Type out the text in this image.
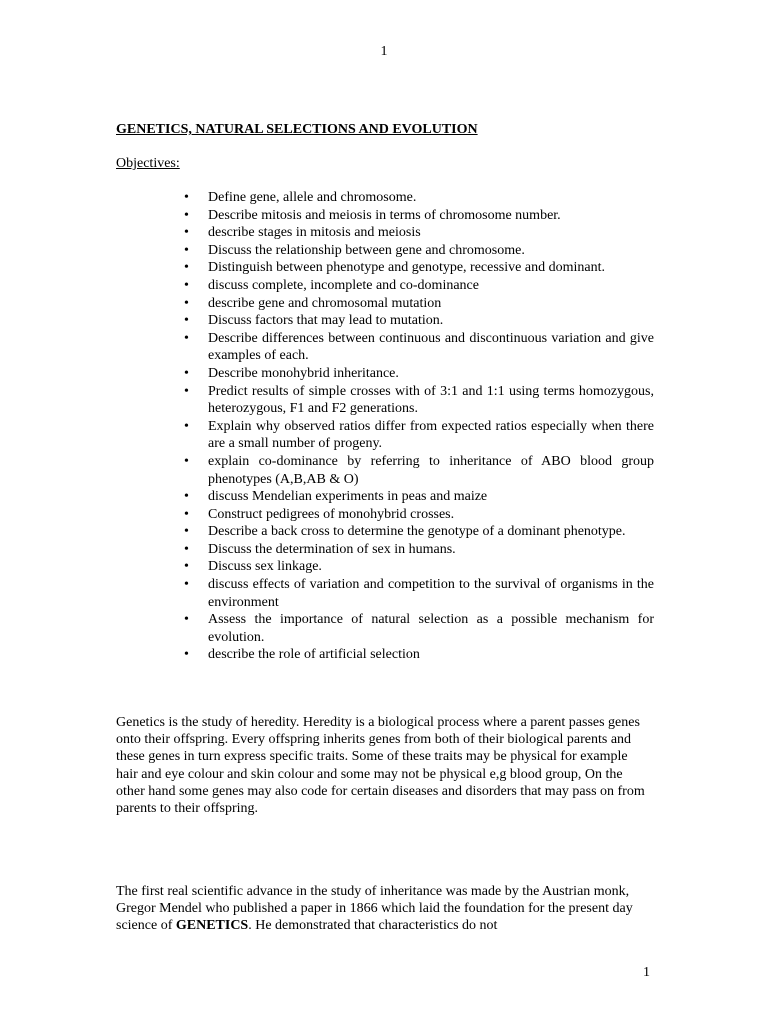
1
GENETICS, NATURAL SELECTIONS AND EVOLUTION
Objectives:
•	Define gene, allele and chromosome.
•	Describe mitosis and meiosis in terms of chromosome number.
•	describe stages in mitosis and meiosis
•	Discuss the relationship between gene and chromosome.
•	Distinguish between phenotype and genotype, recessive and dominant.
•	discuss complete, incomplete and co-dominance
•	describe gene and chromosomal mutation
•	Discuss factors that may lead to mutation.
•	Describe differences between continuous and discontinuous variation and give examples of each.
•	Describe monohybrid inheritance.
•	Predict results of simple crosses with of 3:1 and 1:1 using terms homozygous, heterozygous, F1 and F2 generations.
•	Explain why observed ratios differ from expected ratios especially when there are a small number of progeny.
•	explain co-dominance by referring to inheritance of ABO blood group phenotypes (A,B,AB & O)
•	discuss Mendelian experiments in peas and maize
•	Construct pedigrees of monohybrid crosses.
•	Describe a back cross to determine the genotype of a dominant phenotype.
•	Discuss the determination of sex in humans.
•	Discuss sex linkage.
•	discuss effects of variation and competition to the survival of organisms in the environment
•	Assess the importance of natural selection as a possible mechanism for evolution.
•	describe the role of artificial selection

Genetics is the study of heredity. Heredity is a biological process where a parent passes genes onto their offspring. Every offspring inherits genes from both of their biological parents and these genes in turn express specific traits. Some of these traits may be physical for example hair and eye colour and skin colour and some may not be physical e,g blood group, On the other hand some genes may also code for certain diseases and disorders that may pass on from parents to their offspring.

The first real scientific advance in the study of inheritance was made by the Austrian monk, Gregor Mendel who published a paper in 1866 which laid the foundation for the present day science of GENETICS. He demonstrated that characteristics do not

1
